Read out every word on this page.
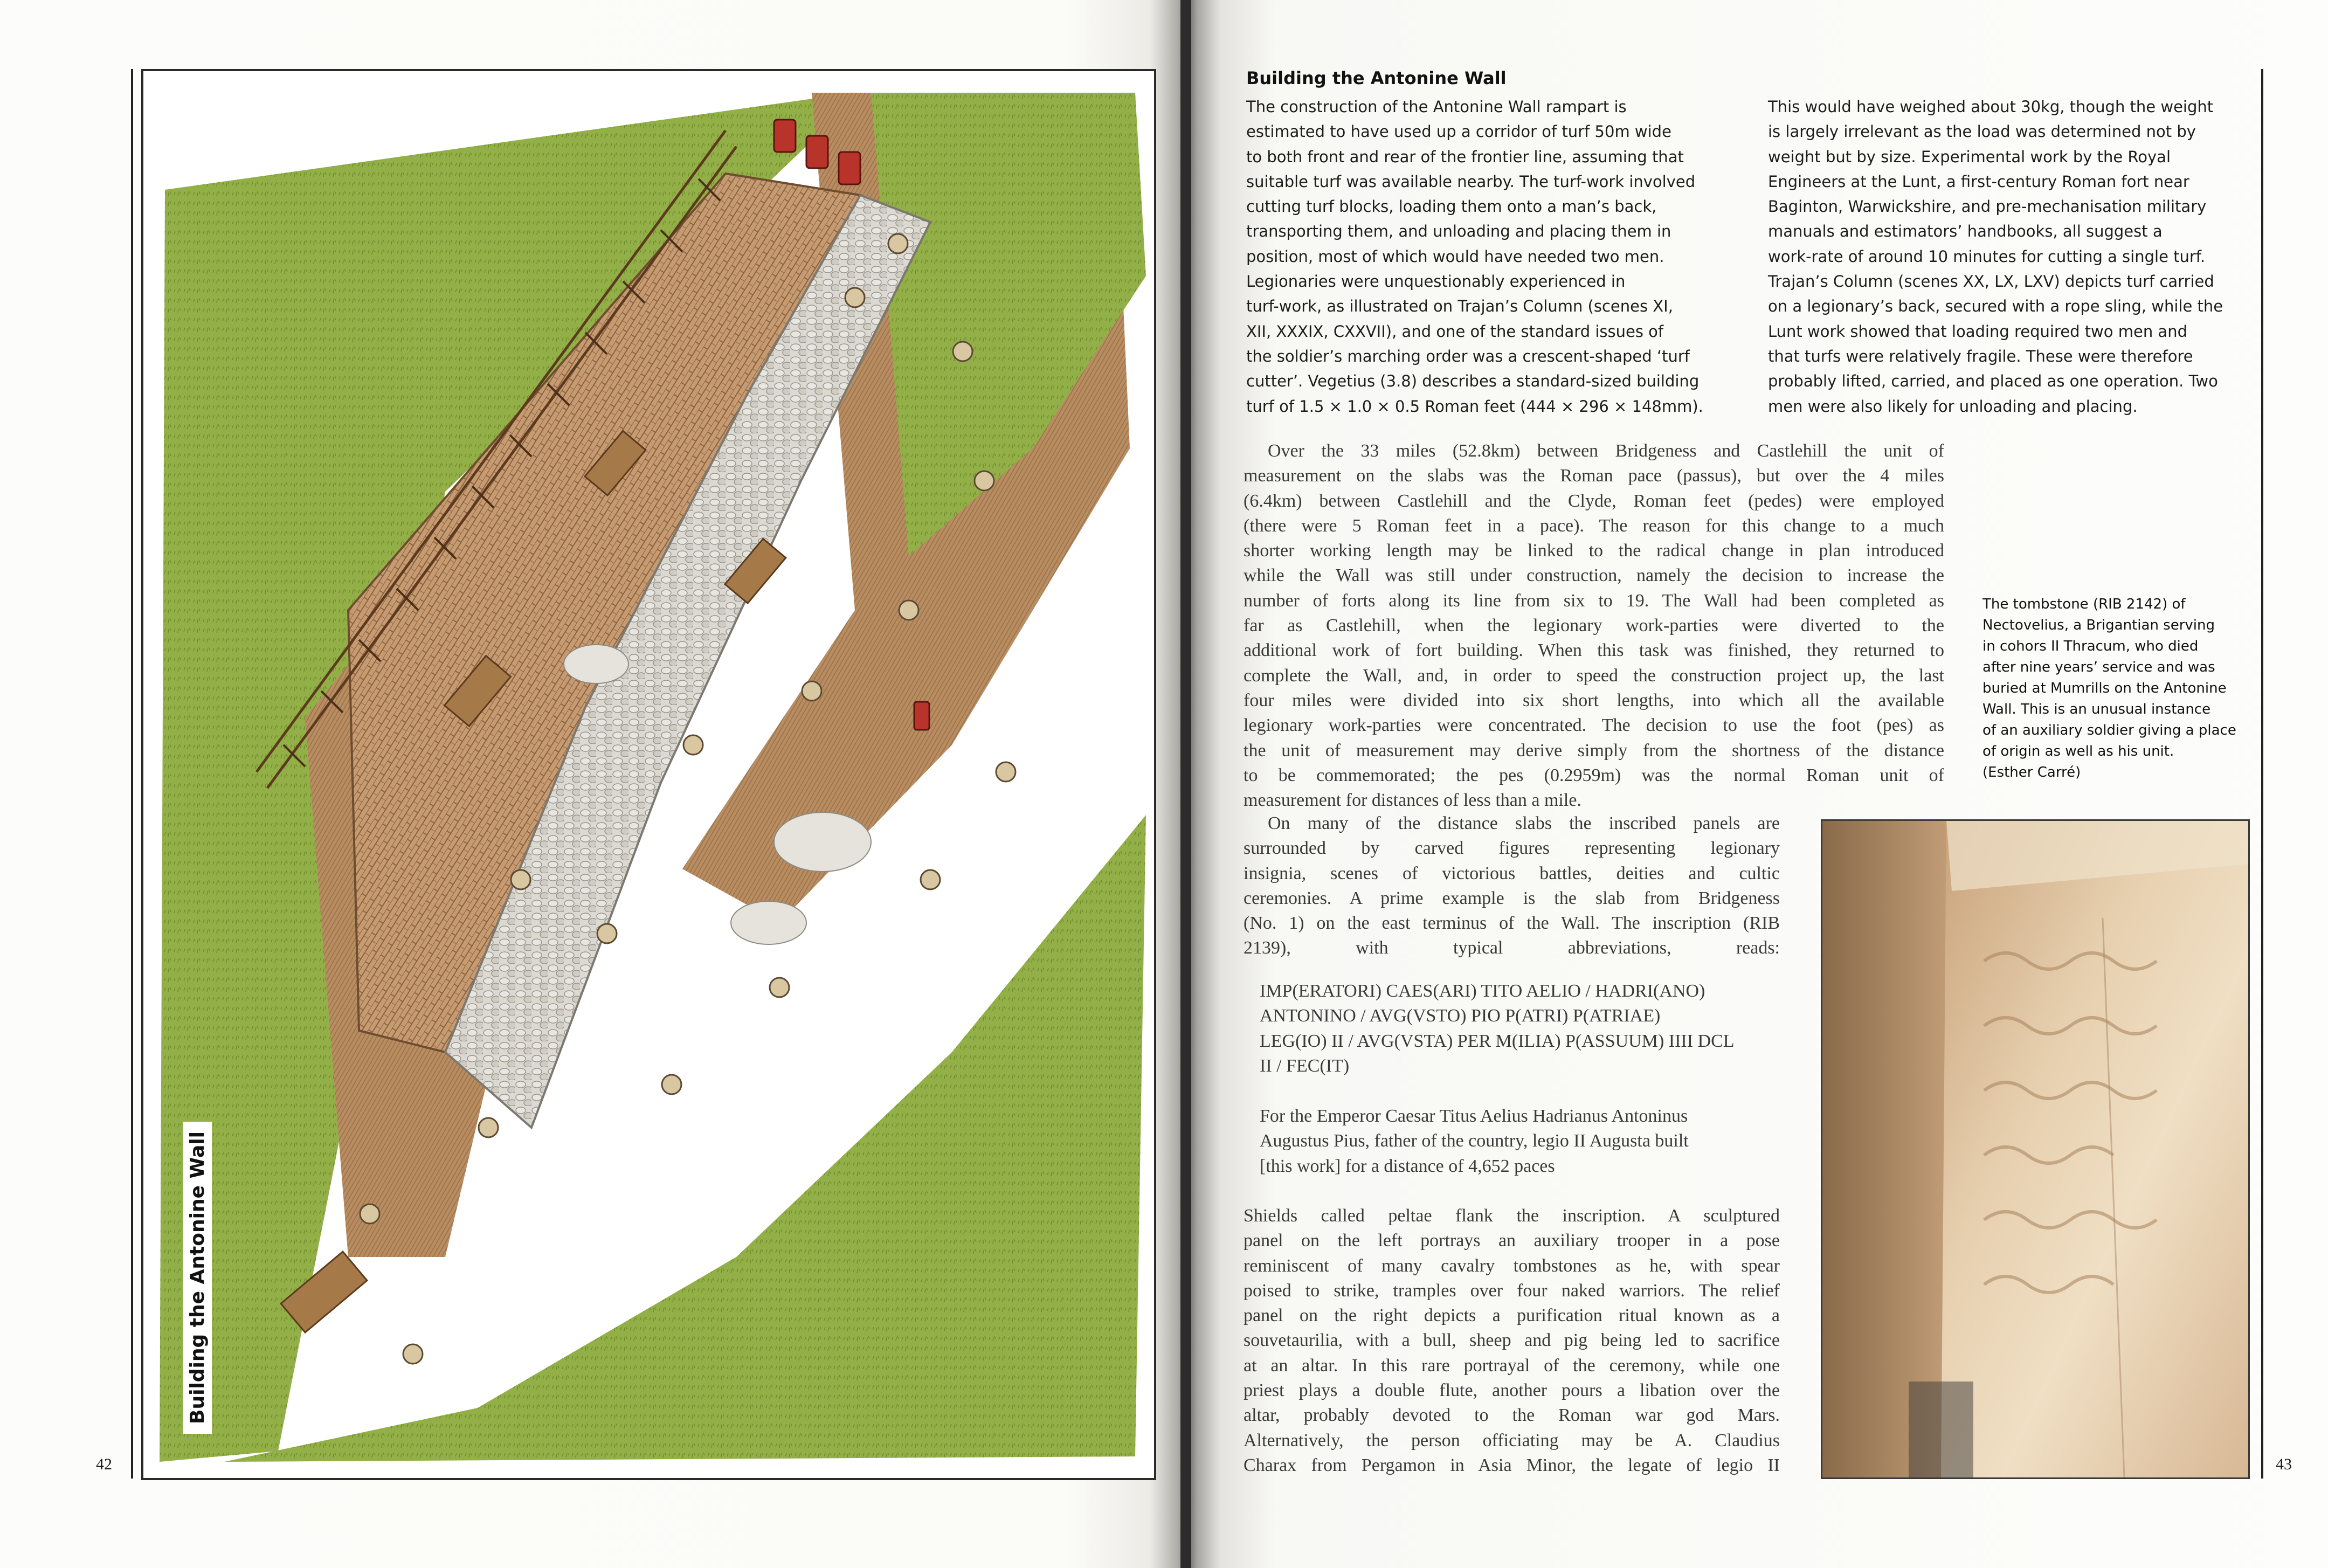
42
Building the Antonine Wall
Building the Antonine Wall
The construction of the Antonine Wall rampart is
estimated to have used up a corridor of turf 50m wide
to both front and rear of the frontier line, assuming that
suitable turf was available nearby. The turf-work involved
cutting turf blocks, loading them onto a man’s back,
transporting them, and unloading and placing them in
position, most of which would have needed two men.
Legionaries were unquestionably experienced in
turf-work, as illustrated on Trajan’s Column (scenes XI,
XII, XXXIX, CXXVII), and one of the standard issues of
the soldier’s marching order was a crescent-shaped ‘turf
cutter’. Vegetius (3.8) describes a standard-sized building
turf of 1.5 × 1.0 × 0.5 Roman feet (444 × 296 × 148mm).
This would have weighed about 30kg, though the weight
is largely irrelevant as the load was determined not by
weight but by size. Experimental work by the Royal
Engineers at the Lunt, a first-century Roman fort near
Baginton, Warwickshire, and pre-mechanisation military
manuals and estimators’ handbooks, all suggest a
work-rate of around 10 minutes for cutting a single turf.
Trajan’s Column (scenes XX, LX, LXV) depicts turf carried
on a legionary’s back, secured with a rope sling, while the
Lunt work showed that loading required two men and
that turfs were relatively fragile. These were therefore
probably lifted, carried, and placed as one operation. Two
men were also likely for unloading and placing.
Over the 33 miles (52.8km) between Bridgeness and Castlehill the unit of
measurement on the slabs was the Roman pace (passus), but over the 4 miles
(6.4km) between Castlehill and the Clyde, Roman feet (pedes) were employed
(there were 5 Roman feet in a pace). The reason for this change to a much
shorter working length may be linked to the radical change in plan introduced
while the Wall was still under construction, namely the decision to increase the
number of forts along its line from six to 19. The Wall had been completed as
far as Castlehill, when the legionary work-parties were diverted to the
additional work of fort building. When this task was finished, they returned to
complete the Wall, and, in order to speed the construction project up, the last
four miles were divided into six short lengths, into which all the available
legionary work-parties were concentrated. The decision to use the foot (pes) as
the unit of measurement may derive simply from the shortness of the distance
to be commemorated; the pes (0.2959m) was the normal Roman unit of
measurement for distances of less than a mile.
On many of the distance slabs the inscribed panels are
surrounded by carved figures representing legionary
insignia, scenes of victorious battles, deities and cultic
ceremonies. A prime example is the slab from Bridgeness
(No. 1) on the east terminus of the Wall. The inscription (RIB
2139), with typical abbreviations, reads:
IMP(ERATORI) CAES(ARI) TITO AELIO / HADRI(ANO)
ANTONINO / AVG(VSTO) PIO P(ATRI) P(ATRIAE)
LEG(IO) II / AVG(VSTA) PER M(ILIA) P(ASSUUM) IIII DCL
II / FEC(IT)
For the Emperor Caesar Titus Aelius Hadrianus Antoninus
Augustus Pius, father of the country, legio II Augusta built
[this work] for a distance of 4,652 paces
Shields called peltae flank the inscription. A sculptured
panel on the left portrays an auxiliary trooper in a pose
reminiscent of many cavalry tombstones as he, with spear
poised to strike, tramples over four naked warriors. The relief
panel on the right depicts a purification ritual known as a
souvetaurilia, with a bull, sheep and pig being led to sacrifice
at an altar. In this rare portrayal of the ceremony, while one
priest plays a double flute, another pours a libation over the
altar, probably devoted to the Roman war god Mars.
Alternatively, the person officiating may be A. Claudius
Charax from Pergamon in Asia Minor, the legate of legio II
The tombstone (RIB 2142) of
Nectovelius, a Brigantian serving
in cohors II Thracum, who died
after nine years’ service and was
buried at Mumrills on the Antonine
Wall. This is an unusual instance
of an auxiliary soldier giving a place
of origin as well as his unit.
(Esther Carré)
43
